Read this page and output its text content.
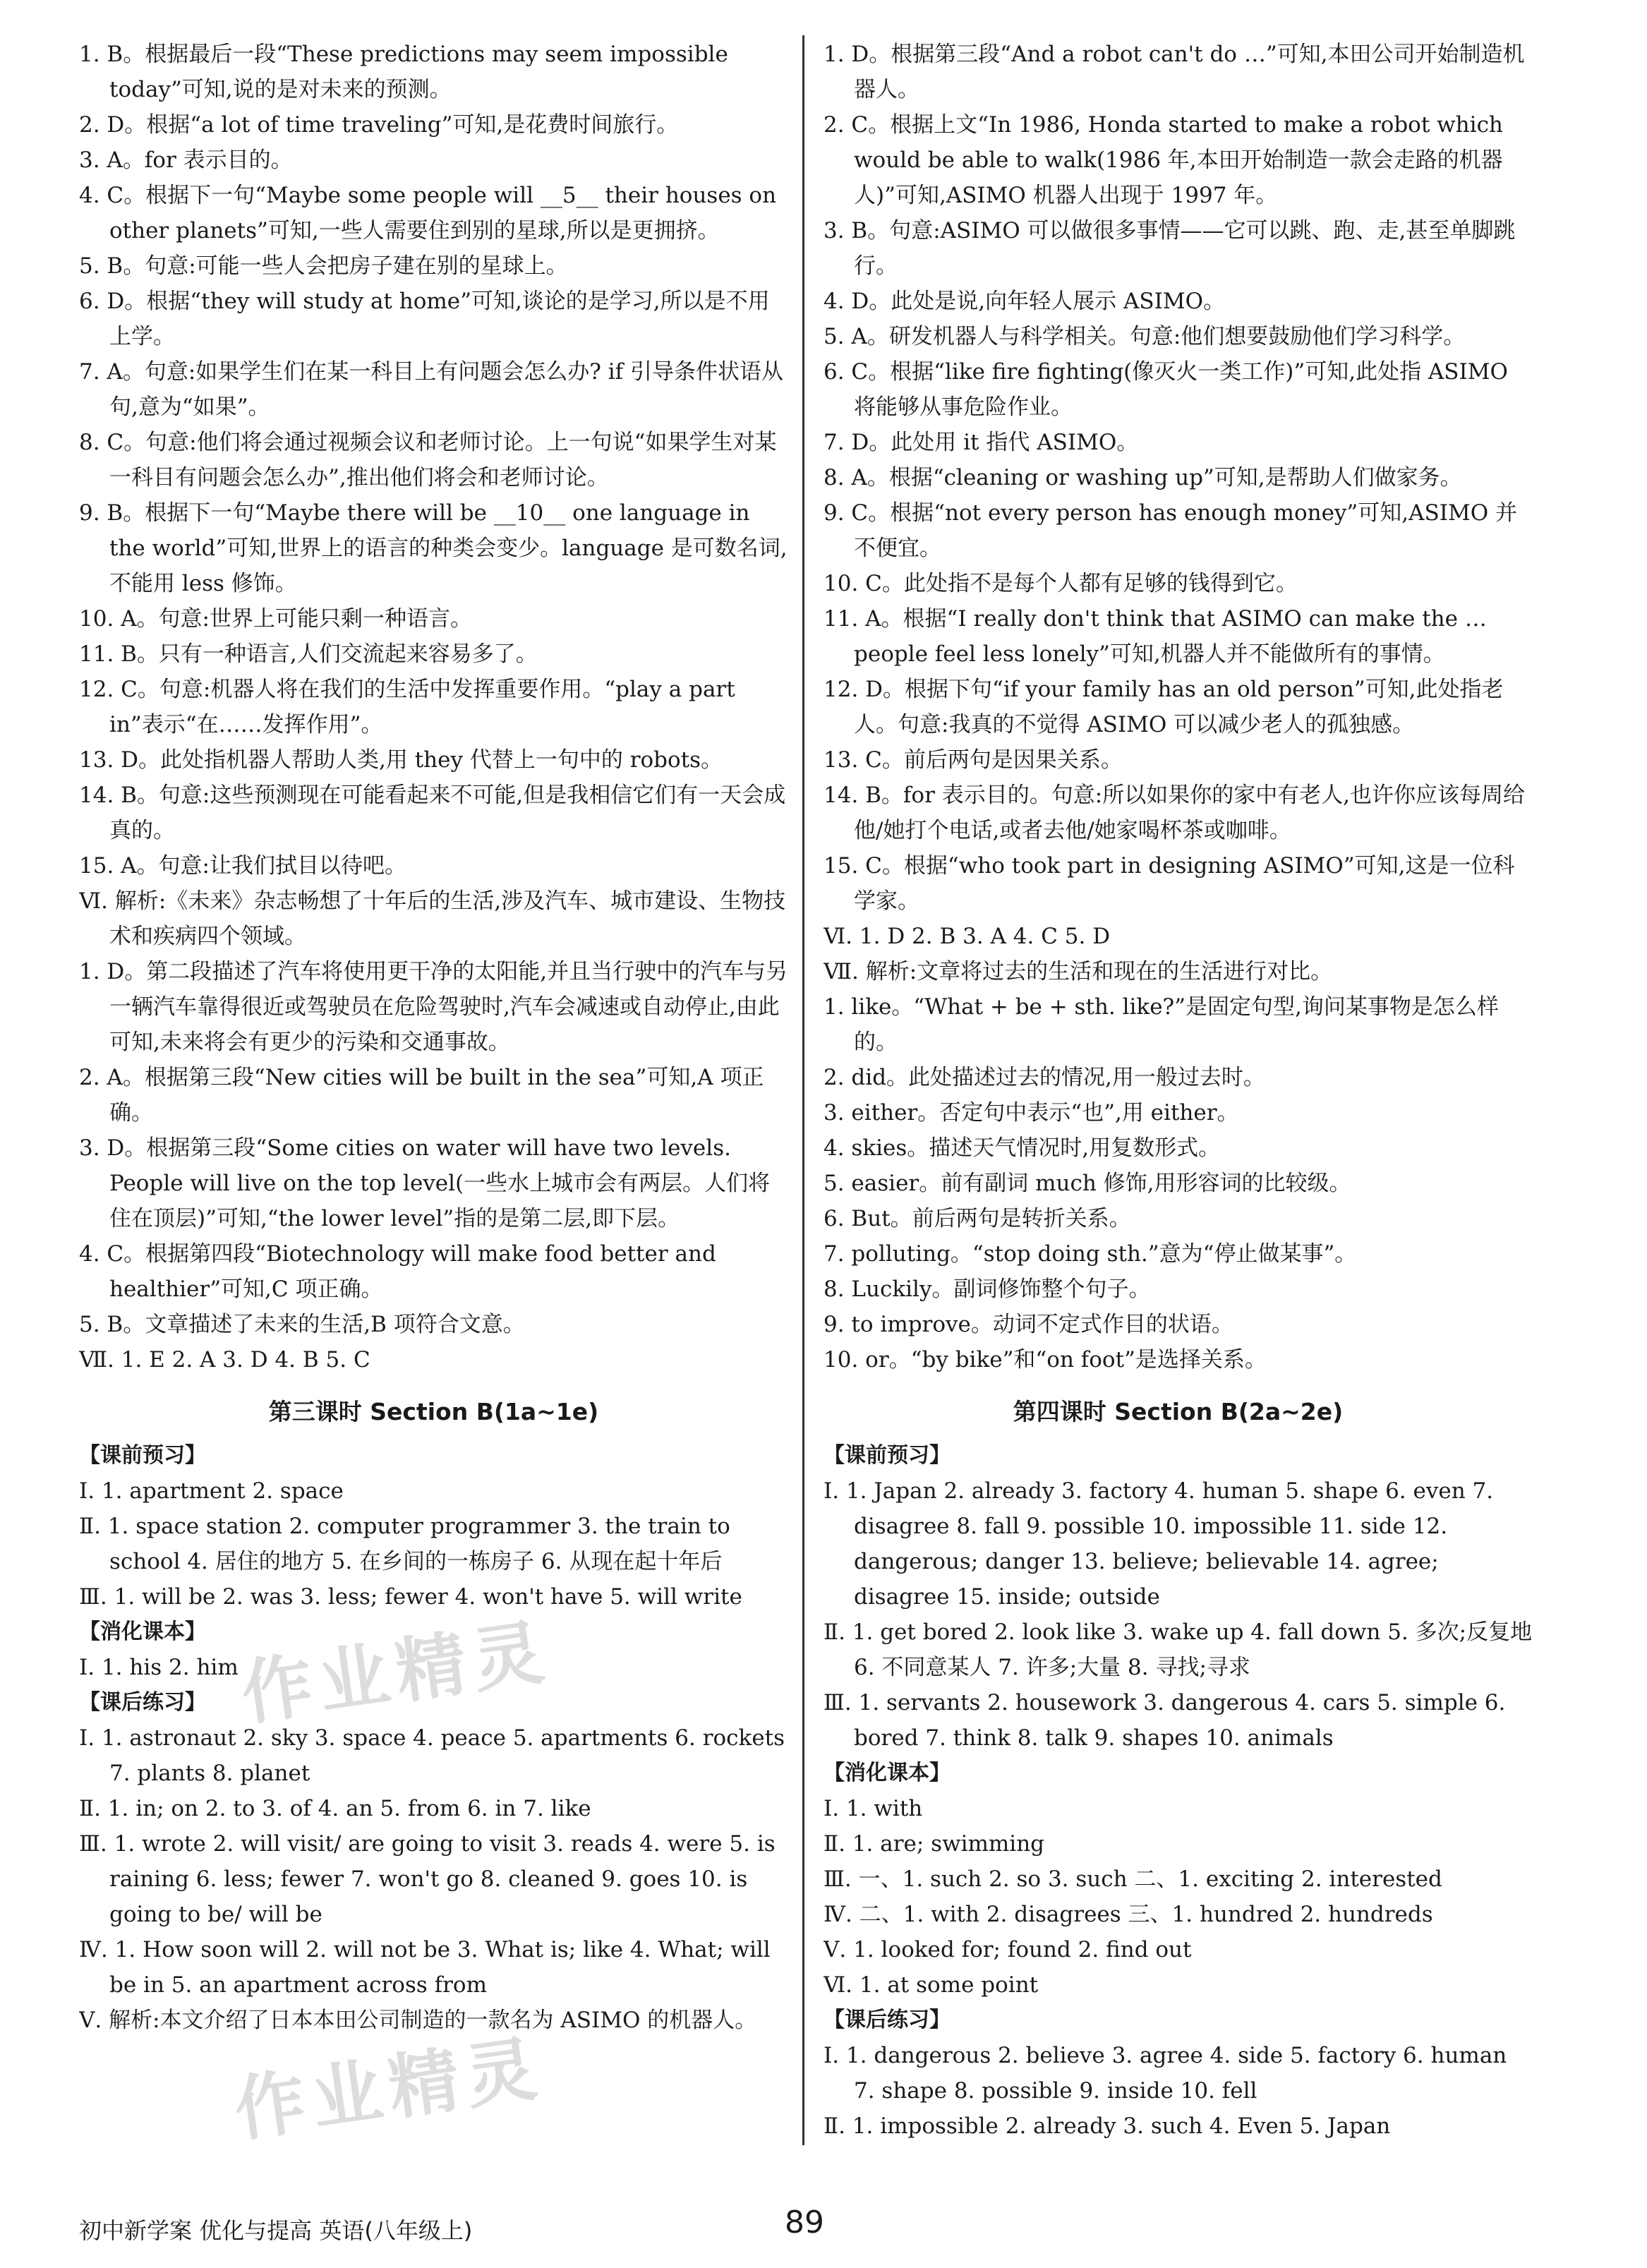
1. B。根据最后一段“These predictions may seem impossible today”可知,说的是对未来的预测。

2. D。根据“a lot of time traveling”可知,是花费时间旅行。

3. A。for 表示目的。

4. C。根据下一句“Maybe some people will __5__ their houses on other planets”可知,一些人需要住到别的星球,所以是更拥挤。

5. B。句意:可能一些人会把房子建在别的星球上。

6. D。根据“they will study at home”可知,谈论的是学习,所以是不用上学。

7. A。句意:如果学生们在某一科目上有问题会怎么办? if 引导条件状语从句,意为“如果”。

8. C。句意:他们将会通过视频会议和老师讨论。上一句说“如果学生对某一科目有问题会怎么办”,推出他们将会和老师讨论。

9. B。根据下一句“Maybe there will be __10__ one language in the world”可知,世界上的语言的种类会变少。language 是可数名词,不能用 less 修饰。

10. A。句意:世界上可能只剩一种语言。

11. B。只有一种语言,人们交流起来容易多了。

12. C。句意:机器人将在我们的生活中发挥重要作用。“play a part in”表示“在……发挥作用”。

13. D。此处指机器人帮助人类,用 they 代替上一句中的 robots。

14. B。句意:这些预测现在可能看起来不可能,但是我相信它们有一天会成真的。

15. A。句意:让我们拭目以待吧。

Ⅵ. 解析:《未来》杂志畅想了十年后的生活,涉及汽车、城市建设、生物技术和疾病四个领域。

1. D。第二段描述了汽车将使用更干净的太阳能,并且当行驶中的汽车与另一辆汽车靠得很近或驾驶员在危险驾驶时,汽车会减速或自动停止,由此可知,未来将会有更少的污染和交通事故。

2. A。根据第三段“New cities will be built in the sea”可知,A 项正确。

3. D。根据第三段“Some cities on water will have two levels. People will live on the top level(一些水上城市会有两层。人们将住在顶层)”可知,“the lower level”指的是第二层,即下层。

4. C。根据第四段“Biotechnology will make food better and healthier”可知,C 项正确。

5. B。文章描述了未来的生活,B 项符合文意。

Ⅶ. 1. E 2. A 3. D 4. B 5. C

第三课时 Section B(1a~1e)

【课前预习】

Ⅰ. 1. apartment 2. space

Ⅱ. 1. space station 2. computer programmer 3. the train to school 4. 居住的地方 5. 在乡间的一栋房子 6. 从现在起十年后

Ⅲ. 1. will be 2. was 3. less; fewer 4. won't have 5. will write

【消化课本】

Ⅰ. 1. his 2. him

【课后练习】

Ⅰ. 1. astronaut 2. sky 3. space 4. peace 5. apartments 6. rockets 7. plants 8. planet

Ⅱ. 1. in; on 2. to 3. of 4. an 5. from 6. in 7. like

Ⅲ. 1. wrote 2. will visit/ are going to visit 3. reads 4. were 5. is raining 6. less; fewer 7. won't go 8. cleaned 9. goes 10. is going to be/ will be

Ⅳ. 1. How soon will 2. will not be 3. What is; like 4. What; will be in 5. an apartment across from

Ⅴ. 解析:本文介绍了日本本田公司制造的一款名为 ASIMO 的机器人。

1. D。根据第三段“And a robot can't do …”可知,本田公司开始制造机器人。

2. C。根据上文“In 1986, Honda started to make a robot which would be able to walk(1986 年,本田开始制造一款会走路的机器人)”可知,ASIMO 机器人出现于 1997 年。

3. B。句意:ASIMO 可以做很多事情——它可以跳、跑、走,甚至单脚跳行。

4. D。此处是说,向年轻人展示 ASIMO。

5. A。研发机器人与科学相关。句意:他们想要鼓励他们学习科学。

6. C。根据“like fire fighting(像灭火一类工作)”可知,此处指 ASIMO 将能够从事危险作业。

7. D。此处用 it 指代 ASIMO。

8. A。根据“cleaning or washing up”可知,是帮助人们做家务。

9. C。根据“not every person has enough money”可知,ASIMO 并不便宜。

10. C。此处指不是每个人都有足够的钱得到它。

11. A。根据“I really don't think that ASIMO can make the … people feel less lonely”可知,机器人并不能做所有的事情。

12. D。根据下句“if your family has an old person”可知,此处指老人。句意:我真的不觉得 ASIMO 可以减少老人的孤独感。

13. C。前后两句是因果关系。

14. B。for 表示目的。句意:所以如果你的家中有老人,也许你应该每周给他/她打个电话,或者去他/她家喝杯茶或咖啡。

15. C。根据“who took part in designing ASIMO”可知,这是一位科学家。

Ⅵ. 1. D 2. B 3. A 4. C 5. D

Ⅶ. 解析:文章将过去的生活和现在的生活进行对比。

1. like。“What + be + sth. like?”是固定句型,询问某事物是怎么样的。

2. did。此处描述过去的情况,用一般过去时。

3. either。否定句中表示“也”,用 either。

4. skies。描述天气情况时,用复数形式。

5. easier。前有副词 much 修饰,用形容词的比较级。

6. But。前后两句是转折关系。

7. polluting。“stop doing sth.”意为“停止做某事”。

8. Luckily。副词修饰整个句子。

9. to improve。动词不定式作目的状语。

10. or。“by bike”和“on foot”是选择关系。

第四课时 Section B(2a~2e)

【课前预习】

Ⅰ. 1. Japan 2. already 3. factory 4. human 5. shape 6. even 7. disagree 8. fall 9. possible 10. impossible 11. side 12. dangerous; danger 13. believe; believable 14. agree; disagree 15. inside; outside

Ⅱ. 1. get bored 2. look like 3. wake up 4. fall down 5. 多次;反复地 6. 不同意某人 7. 许多;大量 8. 寻找;寻求

Ⅲ. 1. servants 2. housework 3. dangerous 4. cars 5. simple 6. bored 7. think 8. talk 9. shapes 10. animals

【消化课本】

Ⅰ. 1. with

Ⅱ. 1. are; swimming

Ⅲ. 一、1. such 2. so 3. such 二、1. exciting 2. interested

Ⅳ. 二、1. with 2. disagrees 三、1. hundred 2. hundreds

Ⅴ. 1. looked for; found 2. find out

Ⅵ. 1. at some point

【课后练习】

Ⅰ. 1. dangerous 2. believe 3. agree 4. side 5. factory 6. human 7. shape 8. possible 9. inside 10. fell

Ⅱ. 1. impossible 2. already 3. such 4. Even 5. Japan

作业精灵
作业精灵
初中新学案 优化与提高 英语(八年级上)	89
